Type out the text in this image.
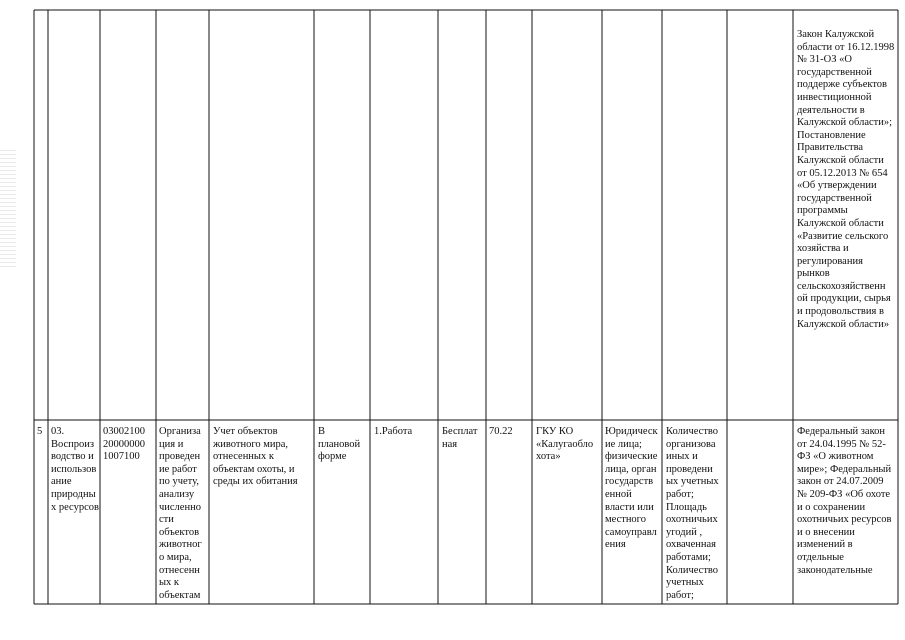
Закон Калужской области от 16.12.1998 № 31-ОЗ «О государственной поддерже субъектов инвестиционной деятельности в Калужской области»; Постановление Правительства Калужской области от 05.12.2013 № 654 «Об утверждении государственной программы Калужской области «Развитие сельского хозяйства и регулирования рынков сельскохозяйственн ой продукции, сырья и продовольствия в Калужской области»
5 03. Воспроиз водство и использов ание природны х ресурсов
03002100 20000000 1007100
Организа ция и проведен ие работ по учету, анализу численно сти объектов животног о мира, отнесенн ых к объектам
Учет объектов животного мира, отнесенных к объектам охоты, и среды их обитания
В плановой форме
1.Работа	Бесплат ная
70.22	ГКУ КО «Калугаобло хота»
Юридическ ие лица; физические лица, орган государств енной власти или местного самоуправл ения
Количество организова иных и проведени ых учетных работ; Площадь охотничьих угодий , охваченная работами; Количество учетных работ;
Федеральный закон от 24.04.1995 № 52-ФЗ «О животном мире»; Федеральный закон от 24.07.2009 № 209-ФЗ «Об охоте и о сохранении охотничьих ресурсов и о внесении изменений в отдельные законодательные
